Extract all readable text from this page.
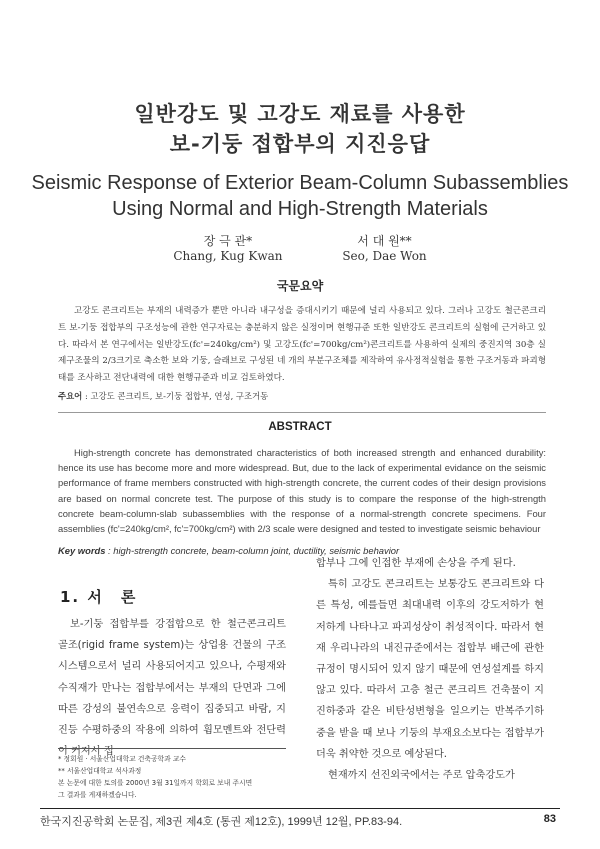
일반강도 및 고강도 재료를 사용한
보-기둥 접합부의 지진응답
Seismic Response of Exterior Beam-Column Subassemblies
Using Normal and High-Strength Materials
장 극 관*
Chang, Kug Kwan

서 대 원**
Seo, Dae Won
국문요약
고강도 콘크리트는 부재의 내력증가 뿐만 아니라 내구성을 증대시키기 때문에 널리 사용되고 있다. 그러나 고강도 철근콘크리트 보-기둥 접합부의 구조성능에 관한 연구자료는 충분하지 않은 실정이며 현행규준 또한 일반강도 콘크리트의 실험에 근거하고 있다. 따라서 본 연구에서는 일반강도(fc'=240kg/cm²) 및 고강도(fc'=700kg/cm²)콘크리트를 사용하여 실제의 중진지역 30층 실제구조물의 2/3크기로 축소한 보와 기둥, 슬래브로 구성된 네 개의 부분구조체를 제작하여 유사정적실험을 통한 구조거동과 파괴형태를 조사하고 전단내력에 대한 현행규준과 비교 검토하였다.
주요어 : 고강도 콘크리트, 보-기둥 접합부, 연성, 구조거동
ABSTRACT
High-strength concrete has demonstrated characteristics of both increased strength and enhanced durability: hence its use has become more and more widespread. But, due to the lack of experimental evidance on the seismic performance of frame members constructed with high-strength concrete, the current codes of their design provisions are based on normal concrete test. The purpose of this study is to compare the response of the high-strength concrete beam-column-slab subassemblies with the response of a normal-strength concrete specimens. Four assemblies (fc'=240kg/cm², fc'=700kg/cm²) with 2/3 scale were designed and tested to investigate seismic behaviour
Key words : high-strength concrete, beam-column joint, ductility, seismic behavior
1. 서　론

보-기둥 접합부를 강접합으로 한 철근콘크리트 골조(rigid frame system)는 상업용 건물의 구조 시스템으로서 널리 사용되어지고 있으나, 수평재와 수직재가 만나는 접합부에서는 부재의 단면과 그에 따른 강성의 불연속으로 응력이 집중되고 바람, 지진등 수평하중의 작용에 의하여 휨모멘트와 전단력이 커져서 접

합부나 그에 인접한 부재에 손상을 주게 된다.

특히 고강도 콘크리트는 보통강도 콘크리트와 다른 특성, 예를들면 최대내력 이후의 강도저하가 현저하게 나타나고 파괴성상이 취성적이다. 따라서 현재 우리나라의 내진규준에서는 접합부 배근에 관한 규정이 명시되어 있지 않기 때문에 연성설계를 하지않고 있다. 따라서 고층 철근 콘크리트 건축물이 지진하중과 같은 비탄성변형을 일으키는 반복주기하중을 받을 때 보나 기둥의 부재요소보다는 접합부가 더욱 취약한 것으로 예상된다.

현재까지 선진외국에서는 주로 압축강도가

* 정회원 · 서울산업대학교 건축공학과 교수
** 서울산업대학교 석사과정
본 논문에 대한 토의를 2000년 3월 31일까지 학회로 보내 주시면
그 결과를 게재하겠습니다.
한국지진공학회 논문집, 제3권 제4호 (통권 제12호), 1999년 12월, PP.83-94.	83
